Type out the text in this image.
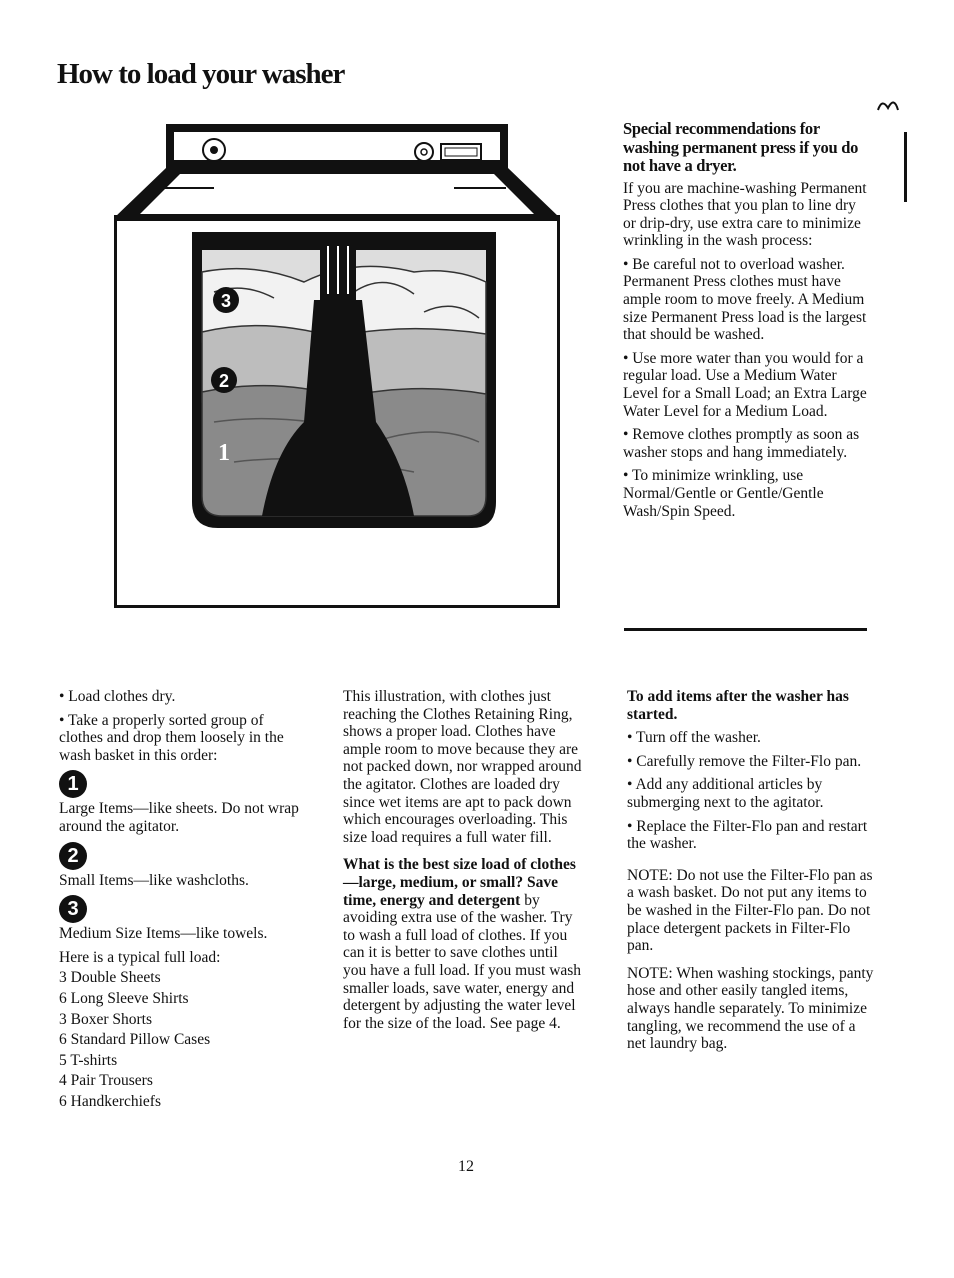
How to load your washer
3
2
1

Special recommendations for washing permanent press if you do not have a dryer.

If you are machine-washing Permanent Press clothes that you plan to line dry or drip-dry, use extra care to minimize wrinkling in the wash process:

• Be careful not to overload washer. Permanent Press clothes must have ample room to move freely. A Medium size Permanent Press load is the largest that should be washed.

• Use more water than you would for a regular load. Use a Medium Water Level for a Small Load; an Extra Large Water Level for a Medium Load.

• Remove clothes promptly as soon as washer stops and hang immediately.

• To minimize wrinkling, use Normal/Gentle or Gentle/Gentle Wash/Spin Speed.

• Load clothes dry.

• Take a properly sorted group of clothes and drop them loosely in the wash basket in this order:

1

Large Items—like sheets. Do not wrap around the agitator.

2

Small Items—like washcloths.

3

Medium Size Items—like towels.

Here is a typical full load:

3 Double Sheets

6 Long Sleeve Shirts

3 Boxer Shorts

6 Standard Pillow Cases

5 T-shirts

4 Pair Trousers

6 Handkerchiefs

This illustration, with clothes just reaching the Clothes Retaining Ring, shows a proper load. Clothes have ample room to move because they are not packed down, nor wrapped around the agitator. Clothes are loaded dry since wet items are apt to pack down which encourages overloading. This size load requires a full water fill.

What is the best size load of clothes—large, medium, or small? Save time, energy and detergent by avoiding extra use of the washer. Try to wash a full load of clothes. If you can it is better to save clothes until you have a full load. If you must wash smaller loads, save water, energy and detergent by adjusting the water level for the size of the load. See page 4.

To add items after the washer has started.

• Turn off the washer.

• Carefully remove the Filter-Flo pan.

• Add any additional articles by submerging next to the agitator.

• Replace the Filter-Flo pan and restart the washer.

NOTE: Do not use the Filter-Flo pan as a wash basket. Do not put any items to be washed in the Filter-Flo pan. Do not place detergent packets in Filter-Flo pan.

NOTE: When washing stockings, panty hose and other easily tangled items, always handle separately. To minimize tangling, we recommend the use of a net laundry bag.

12
